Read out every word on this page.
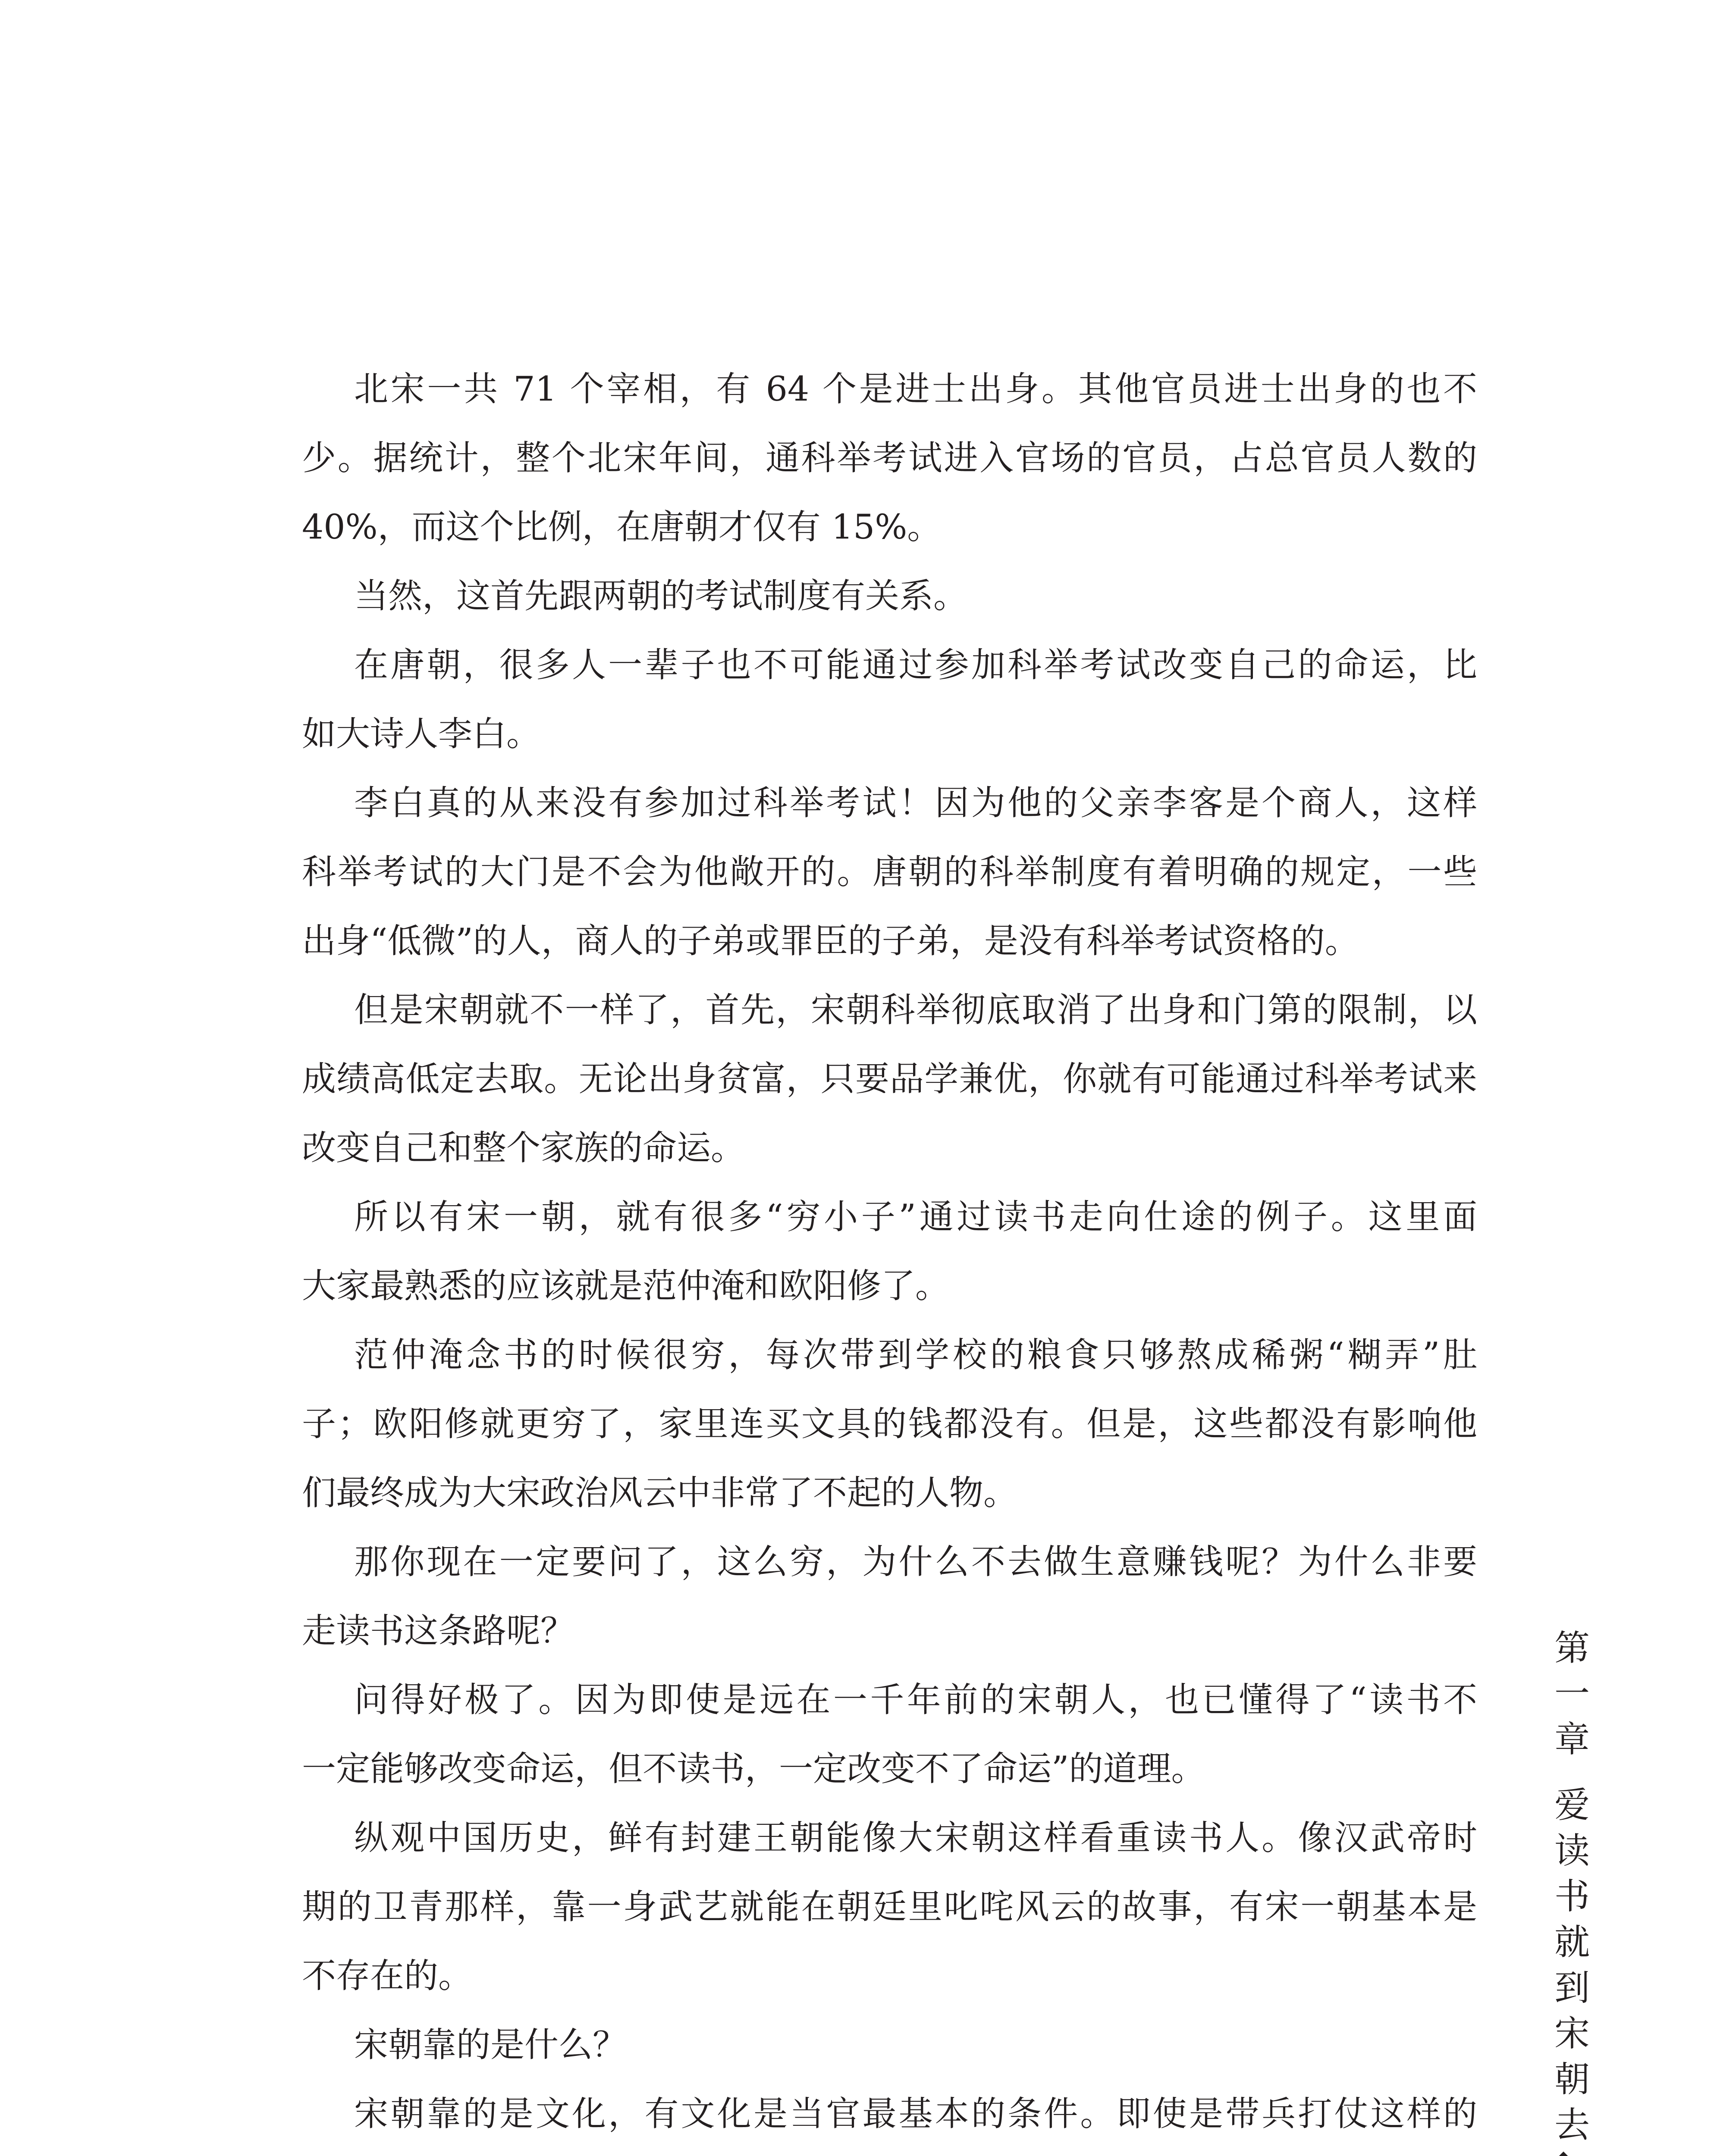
北宋一共 71 个宰相，有 64 个是进士出身。其他官员进士出身的也不
少。据统计，整个北宋年间，通科举考试进入官场的官员，占总官员人数的
40%，而这个比例，在唐朝才仅有 15%。

当然，这首先跟两朝的考试制度有关系。

在唐朝，很多人一辈子也不可能通过参加科举考试改变自己的命运，比
如大诗人李白。

李白真的从来没有参加过科举考试！因为他的父亲李客是个商人，这样
科举考试的大门是不会为他敞开的。唐朝的科举制度有着明确的规定，一些
出身“低微”的人，商人的子弟或罪臣的子弟，是没有科举考试资格的。

但是宋朝就不一样了，首先，宋朝科举彻底取消了出身和门第的限制，以
成绩高低定去取。无论出身贫富，只要品学兼优，你就有可能通过科举考试来
改变自己和整个家族的命运。

所以有宋一朝，就有很多“穷小子”通过读书走向仕途的例子。这里面
大家最熟悉的应该就是范仲淹和欧阳修了。

范仲淹念书的时候很穷，每次带到学校的粮食只够熬成稀粥“糊弄”肚
子；欧阳修就更穷了，家里连买文具的钱都没有。但是，这些都没有影响他
们最终成为大宋政治风云中非常了不起的人物。

那你现在一定要问了，这么穷，为什么不去做生意赚钱呢？为什么非要
走读书这条路呢？

问得好极了。因为即使是远在一千年前的宋朝人，也已懂得了“读书不
一定能够改变命运，但不读书，一定改变不了命运”的道理。

纵观中国历史，鲜有封建王朝能像大宋朝这样看重读书人。像汉武帝时
期的卫青那样，靠一身武艺就能在朝廷里叱咤风云的故事，有宋一朝基本是
不存在的。

宋朝靠的是什么？

宋朝靠的是文化，有文化是当官最基本的条件。即使是带兵打仗这样的

第
一
章
爱
读
书
就
到
宋
朝
去
